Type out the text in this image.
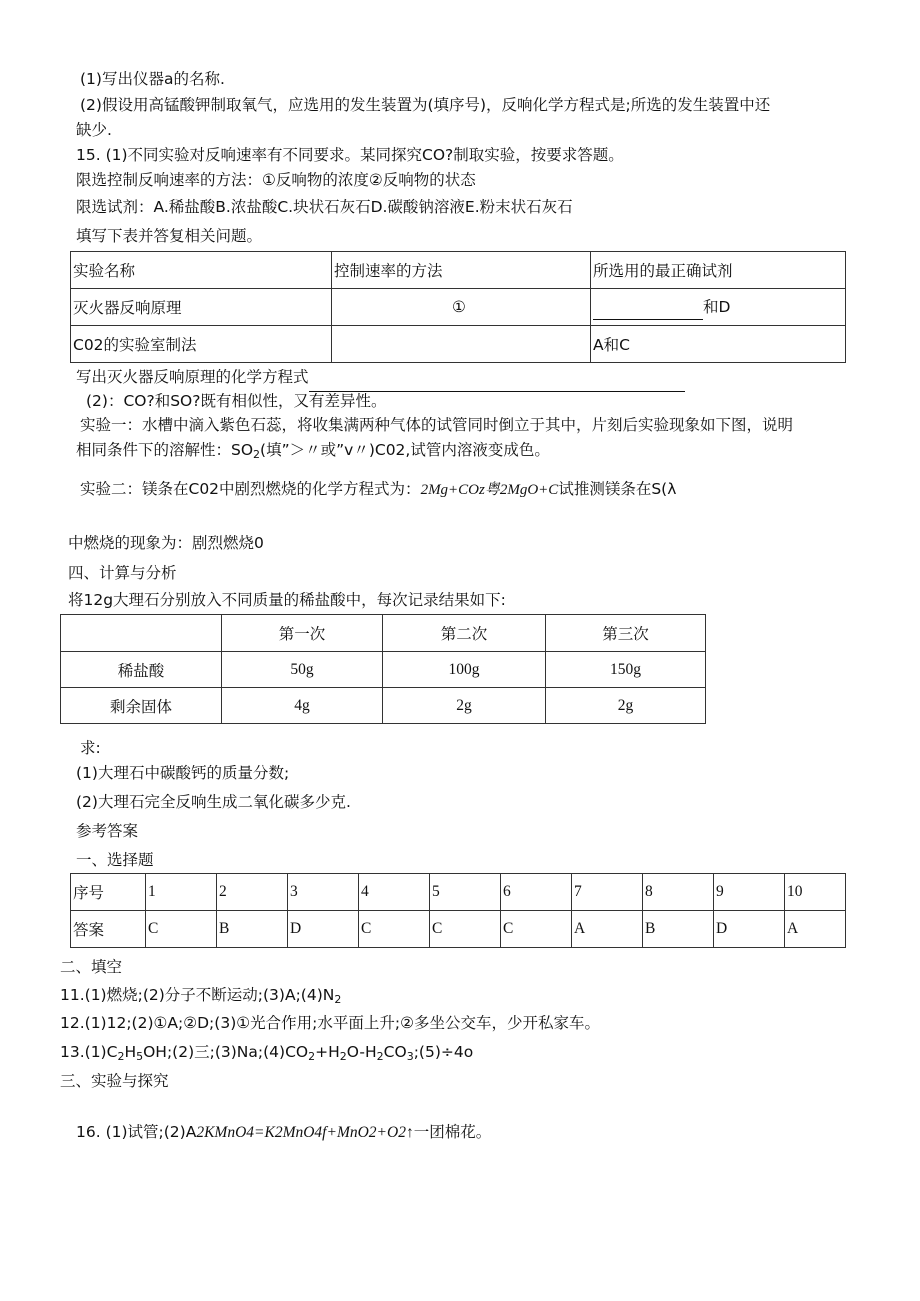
(1)写出仪器a的名称.
(2)假设用高锰酸钾制取氧气，应选用的发生装置为(填序号)，反响化学方程式是;所选的发生装置中还
缺少.
15. (1)不同实验对反响速率有不同要求。某同探究CO?制取实验，按要求答题。
限选控制反响速率的方法：①反响物的浓度②反响物的状态
限选试剂：A.稀盐酸B.浓盐酸C.块状石灰石D.碳酸钠溶液E.粉末状石灰石
填写下表并答复相关问题。
实验名称	控制速率的方法	所选用的最正确试剂
灭火器反响原理	①	和D
C02的实验室制法		A和C
写出灭火器反响原理的化学方程式
(2)：CO?和SO?既有相似性，又有差异性。
实验一：水槽中滴入紫色石蕊，将收集满两种气体的试管同时倒立于其中，片刻后实验现象如下图，说明
相同条件下的溶解性：$SO_2$(填”＞〃或”v〃)C02,试管内溶液变成色。
实验二：镁条在C02中剧烈燃烧的化学方程式为：2Mg+COz粤2MgO+C试推测镁条在S(λ
中燃烧的现象为：剧烈燃烧0
四、计算与分析
将12g大理石分别放入不同质量的稀盐酸中，每次记录结果如下:
	第一次	第二次	第三次
稀盐酸	50g	100g	150g
剩余固体	4g	2g	2g
求:
(1)大理石中碳酸钙的质量分数;
(2)大理石完全反响生成二氧化碳多少克.
参考答案
一、选择题
序号	1	2	3	4	5	6	7	8	9	10
答案	C	B	D	C	C	C	A	B	D	A
二、填空
11.(1)燃烧;(2)分子不断运动$;(3)A;(4)N_2$
12.(1)12;(2)①A;②D;(3)①光合作用;水平面上升;②多坐公交车，少开私家车。
$13.(1)C_2H_5OH;(2)$三$;(3)Na;(4)CO_2+H_2O-H_2CO_3;(5)\div 4o$
三、实验与探究
16. (1)试管;(2)A2KMnO4=K2MnO4f+MnO2+O2↑一团棉花。
